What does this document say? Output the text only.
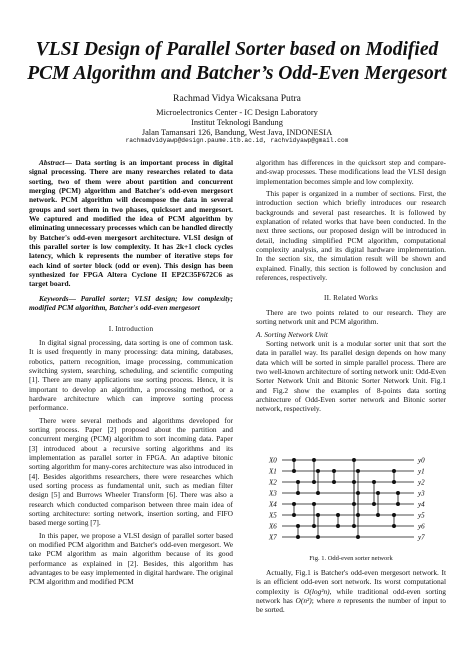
VLSI Design of Parallel Sorter based on Modified
PCM Algorithm and Batcher’s Odd-Even Mergesort
Rachmad Vidya Wicaksana Putra
Microelectronics Center - IC Design Laboratory
Institut Teknologi Bandung
Jalan Tamansari 126, Bandung, West Java, INDONESIA
rachmadvidyawp@design.paume.itb.ac.id, rachvidyawp@gmail.com

Abstract— Data sorting is an important process in digital signal processing. There are many researches related to data sorting, two of them were about partition and concurrent merging (PCM) algorithm and Batcher's odd-even mergesort network. PCM algorithm will decompose the data in several groups and sort them in two phases, quicksort and mergesort. We captured and modified the idea of PCM algorithm by eliminating unnecessary processes which can be handled directly by Batcher's odd-even mergesort architecture. VLSI design of this parallel sorter is low complexity. It has 2k+1 clock cycles latency, which k represents the number of iterative steps for each kind of sorter block (odd or even). This design has been synthesized for FPGA Altera Cyclone II EP2C35F672C6 as target board.

Keywords— Parallel sorter; VLSI design; low complexity; modified PCM algorithm, Batcher's odd-even mergesort

I. Introduction

In digital signal processing, data sorting is one of common task. It is used frequently in many processing: data mining, databases, robotics, pattern recognition, image processing, communication switching system, searching, scheduling, and scientific computing [1]. There are many applications use sorting process. Hence, it is important to develop an algorithm, a processing method, or a hardware architecture which can improve sorting process performance.

There were several methods and algorithms developed for sorting process. Paper [2] proposed about the partition and concurrent merging (PCM) algorithm to sort incoming data. Paper [3] introduced about a recursive sorting algorithms and its implementation as parallel sorter in FPGA. An adaptive bitonic sorting algorithm for many-cores architecture was also introduced in [4]. Besides algorithms researchers, there were researches which used sorting process as fundamental unit, such as median filter design [5] and Burrows Wheeler Transform [6]. There was also a research which conducted comparison between three main idea of sorting architecture: sorting network, insertion sorting, and FIFO based merge sorting [7].

In this paper, we propose a VLSI design of parallel sorter based on modified PCM algorithm and Batcher's odd-even mergesort. We take PCM algorithm as main algorithm because of its good performance as explained in [2]. Besides, this algorithm has advantages to be easy implemented in digital hardware. The original PCM algorithm and modified PCM

algorithm has differences in the quicksort step and compare-and-swap processes. These modifications lead the VLSI design implementation becomes simple and low complexity.

This paper is organized in a number of sections. First, the introduction section which briefly introduces our research backgrounds and several past researches. It is followed by explanation of related works that have been conducted. In the next three sections, our proposed design will be introduced in detail, including simplified PCM algorithm, computational complexity analysis, and its digital hardware implementation. In the section six, the simulation result will be shown and explained. Finally, this section is followed by conclusion and references, respectively.

II. Related Works

There are two points related to our research. They are sorting network unit and PCM algorithm.

A. Sorting Network Unit

Sorting network unit is a modular sorter unit that sort the data in parallel way. Its parallel design depends on how many data which will be sorted in simple parallel process. There are two well-known architecture of sorting network unit: Odd-Even Sorter Network Unit and Bitonic Sorter Network Unit. Fig.1 and Fig.2 show the examples of 8-points data sorting architecture of Odd-Even sorter network and Bitonic sorter network, respectively.

X0
X1
X2
X3
X4
X5
X6
X7
y0
y1
y2
y3
y4
y5
y6
y7
Fig. 1. Odd-even sorter network

Actually, Fig.1 is Batcher's odd-even mergesort network. It is an efficient odd-even sort network. Its worst computational complexity is O(log²n), while traditional odd-even sorting network has O(n²); where n represents the number of input to be sorted.
